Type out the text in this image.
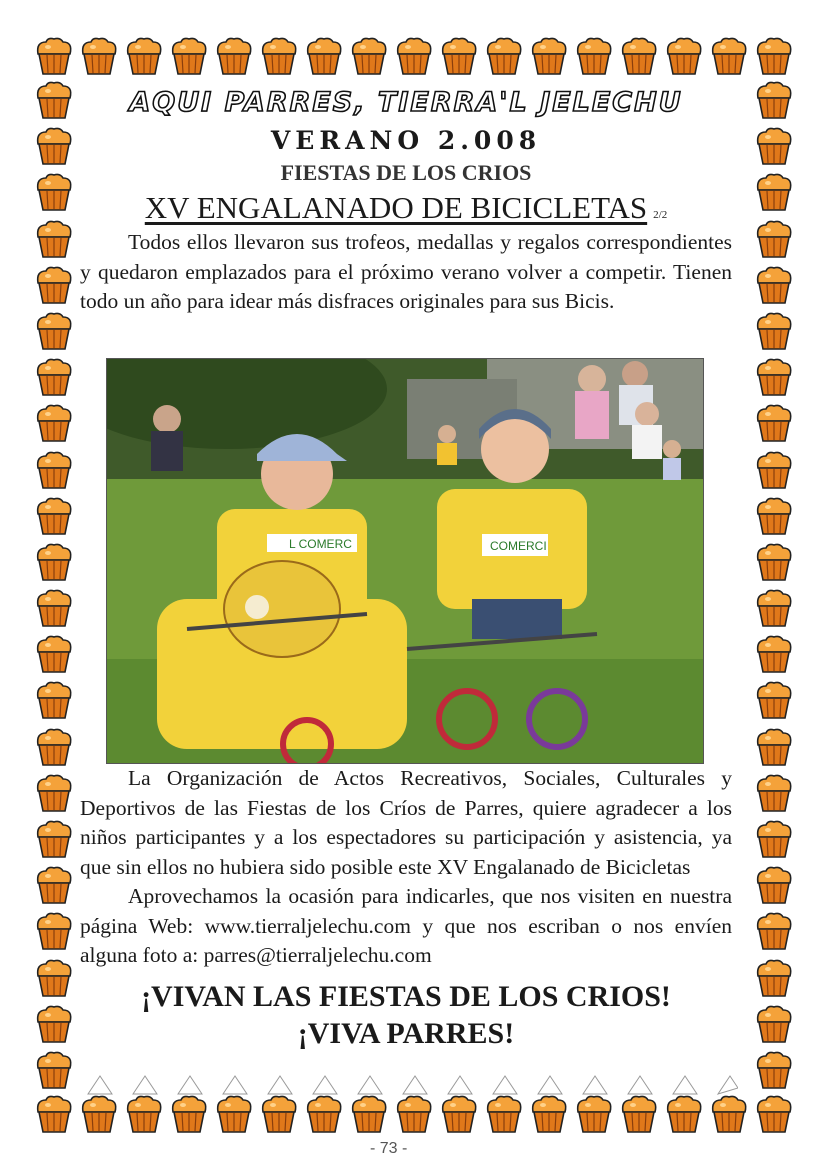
AQUI PARRES, TIERRA'L JELECHU
VERANO 2.008
FIESTAS DE LOS CRIOS
XV ENGALANADO DE BICICLETAS 2/2

Todos ellos llevaron sus trofeos, medallas y regalos correspondientes y quedaron emplazados para el próximo verano volver a competir. Tienen todo un año para idear más disfraces originales para sus Bicis.

L COMERC	COMERCI

La Organización de Actos Recreativos, Sociales, Culturales y Deportivos de las Fiestas de los Críos de Parres, quiere agradecer a los niños participantes y a los espectadores su participación y asistencia, ya que sin ellos no hubiera sido posible este XV Engalanado de Bicicletas

Aprovechamos la ocasión para indicarles, que nos visiten en nuestra página Web: www.tierraljelechu.com y que nos escriban o nos envíen alguna foto a: parres@tierraljelechu.com

¡VIVAN LAS FIESTAS DE LOS CRIOS!
¡VIVA PARRES!
- 73 -
